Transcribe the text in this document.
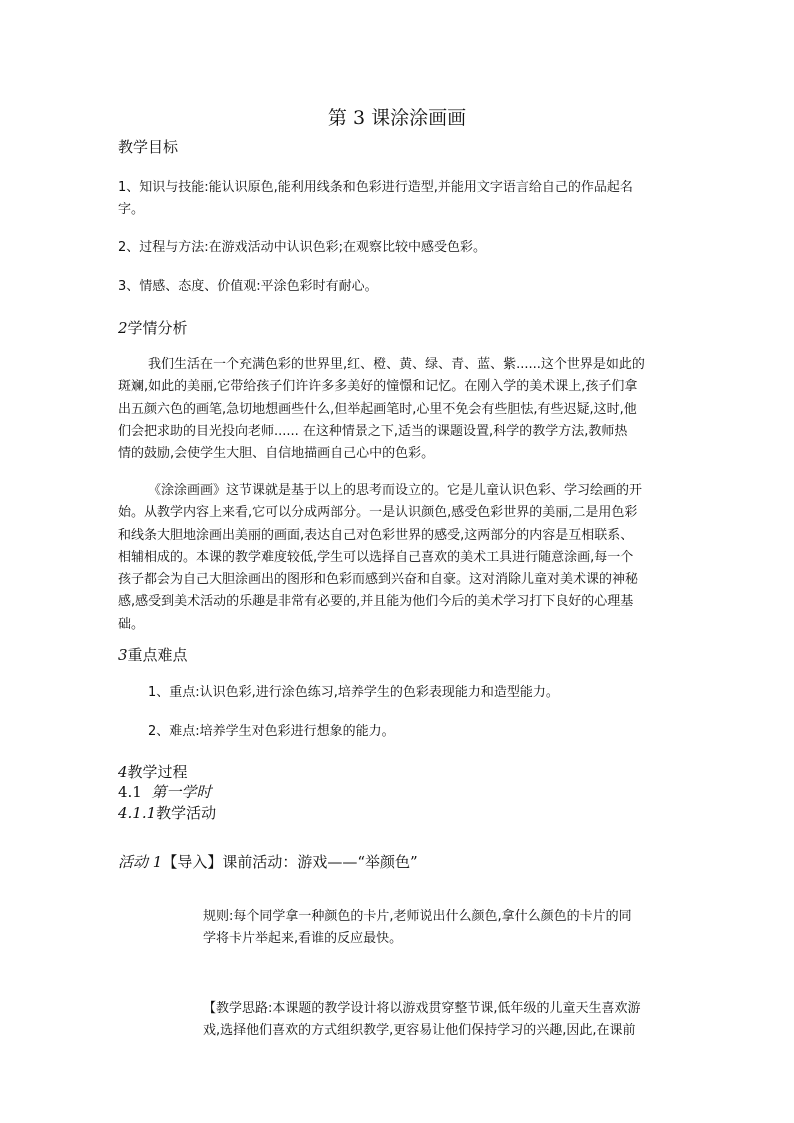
第 3 课涂涂画画
教学目标
1、知识与技能:能认识原色,能利用线条和色彩进行造型,并能用文字语言给自己的作品起名
字。
2、过程与方法:在游戏活动中认识色彩;在观察比较中感受色彩。
3、情感、态度、价值观:平涂色彩时有耐心。
2学情分析
我们生活在一个充满色彩的世界里,红、橙、黄、绿、青、蓝、紫......这个世界是如此的
斑斓,如此的美丽,它带给孩子们许许多多美好的憧憬和记忆。在刚入学的美术课上,孩子们拿
出五颜六色的画笔,急切地想画些什么,但举起画笔时,心里不免会有些胆怯,有些迟疑,这时,他
们会把求助的目光投向老师...... 在这种情景之下,适当的课题设置,科学的教学方法,教师热
情的鼓励,会使学生大胆、自信地描画自己心中的色彩。
《涂涂画画》这节课就是基于以上的思考而设立的。它是儿童认识色彩、学习绘画的开
始。从教学内容上来看,它可以分成两部分。一是认识颜色,感受色彩世界的美丽,二是用色彩
和线条大胆地涂画出美丽的画面,表达自己对色彩世界的感受,这两部分的内容是互相联系、
相辅相成的。本课的教学难度较低,学生可以选择自己喜欢的美术工具进行随意涂画,每一个
孩子都会为自己大胆涂画出的图形和色彩而感到兴奋和自豪。这对消除儿童对美术课的神秘
感,感受到美术活动的乐趣是非常有必要的,并且能为他们今后的美术学习打下良好的心理基
础。
3重点难点
1、重点:认识色彩,进行涂色练习,培养学生的色彩表现能力和造型能力。
2、难点:培养学生对色彩进行想象的能力。
4教学过程
4.1 第一学时
4.1.1教学活动
活动 1【导入】课前活动：游戏——“举颜色”
规则:每个同学拿一种颜色的卡片,老师说出什么颜色,拿什么颜色的卡片的同
学将卡片举起来,看谁的反应最快。
【教学思路:本课题的教学设计将以游戏贯穿整节课,低年级的儿童天生喜欢游
戏,选择他们喜欢的方式组织教学,更容易让他们保持学习的兴趣,因此,在课前
